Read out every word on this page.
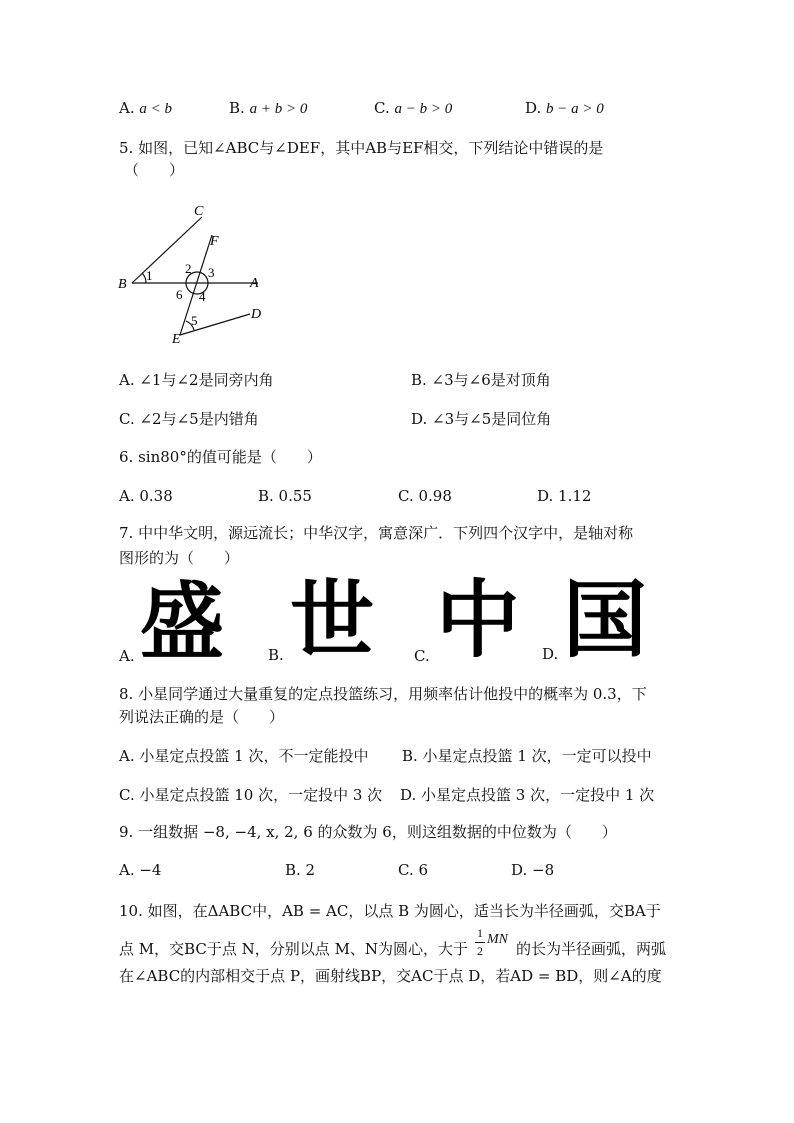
A. a < b	B. a + b > 0	C. a − b > 0	D. b − a > 0
5. 如图，已知∠ABC与∠DEF，其中AB与EF相交，下列结论中错误的是
（　　）
C
F
B	A
E
D
1	2 3
4
5
6
A. ∠1与∠2是同旁内角	B. ∠3与∠6是对顶角
C. ∠2与∠5是内错角	D. ∠3与∠5是同位角
6. sin80°的值可能是（　　）
A. 0.38	B. 0.55	C. 0.98	D. 1.12
7. 中中华文明，源远流长；中华汉字，寓意深广．下列四个汉字中，是轴对称
图形的为（　　）
A. 盛	B. 世	C. 中 D. 国
8. 小星同学通过大量重复的定点投篮练习，用频率估计他投中的概率为 0.3，下
列说法正确的是（　　）
A. 小星定点投篮 1 次，不一定能投中 B. 小星定点投篮 1 次，一定可以投中
C. 小星定点投篮 10 次，一定投中 3 次 D. 小星定点投篮 3 次，一定投中 1 次
9. 一组数据 −8, −4, x, 2, 6 的众数为 6，则这组数据的中位数为（　　）
A. −4	B. 2	C. 6	D. −8
10. 如图，在ΔABC中，AB = AC，以点 B 为圆心，适当长为半径画弧，交BA于
点 M，交BC于点 N，分别以点 M、N为圆心，大于
1
2
MN
的长为半径画弧，两弧
在∠ABC的内部相交于点 P，画射线BP，交AC于点 D，若AD = BD，则∠A的度
